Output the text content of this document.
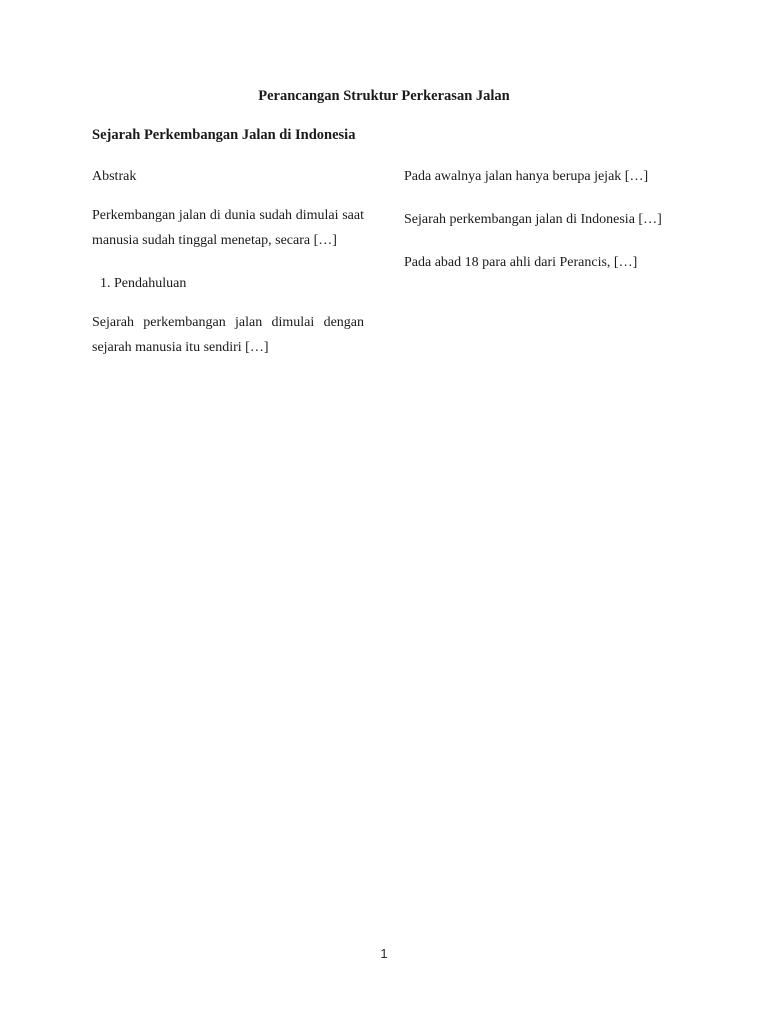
Perancangan Struktur Perkerasan Jalan
Sejarah Perkembangan Jalan di Indonesia
Abstrak

Perkembangan jalan di dunia sudah dimulai saat manusia sudah tinggal menetap, secara […]

1. Pendahuluan

Sejarah perkembangan jalan dimulai dengan sejarah manusia itu sendiri […]

Pada awalnya jalan hanya berupa jejak […]

Sejarah perkembangan jalan di Indonesia […]

Pada abad 18 para ahli dari Perancis, […]

1
